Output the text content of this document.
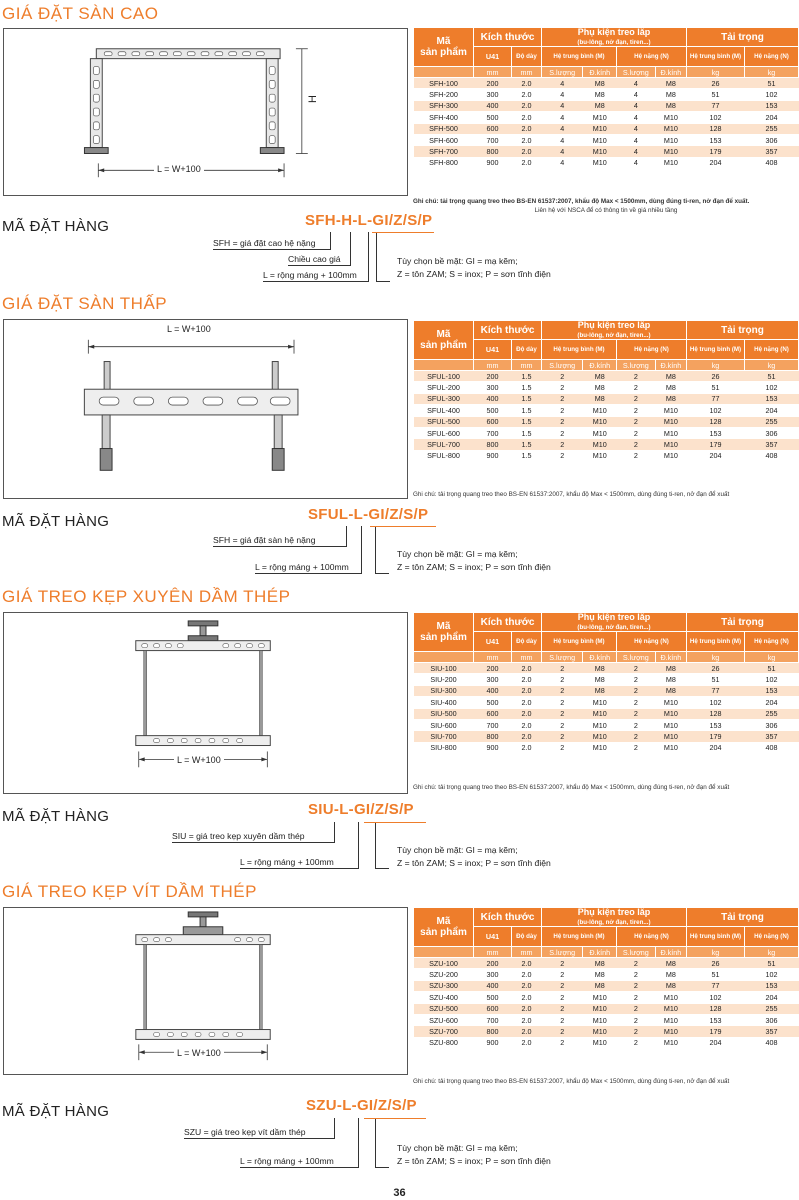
GIÁ ĐẶT SÀN CAO
H
L = W+100
Mã
sản phẩm	Kích thước		Phụ kiện treo lắp
(bu-lông, nở đạn, tiren...)				Tải trọng	
	U41	Độ dày	Hệ trung bình (M)		Hệ nặng (N)		Hệ trung bình (M)	Hệ nặng (N)
	mm	mm	S.lượng	Đ.kính	S.lượng	Đ.kính	kg	kg
SFH-100	200	2.0	4	M8	4	M8	26	51
SFH-200	300	2.0	4	M8	4	M8	51	102
SFH-300	400	2.0	4	M8	4	M8	77	153
SFH-400	500	2.0	4	M10	4	M10	102	204
SFH-500	600	2.0	4	M10	4	M10	128	255
SFH-600	700	2.0	4	M10	4	M10	153	306
SFH-700	800	2.0	4	M10	4	M10	179	357
SFH-800	900	2.0	4	M10	4	M10	204	408
Ghi chú: tải trọng quang treo theo BS-EN 61537:2007, khẩu độ Max < 1500mm, dùng đúng ti-ren, nở đạn để xuất.
Liên hệ với NSCA để có thông tin về giá nhiều tầng
MÃ ĐẶT HÀNG	SFH-H-L-GI/Z/S/P
SFH = giá đặt cao hệ nặng
Chiều cao giá
L = rộng máng + 100mm
Tùy chọn bề mặt: GI = mạ kẽm;
Z = tôn ZAM; S = inox; P = sơn tĩnh điện
GIÁ ĐẶT SÀN THẤP
L = W+100	Mã
sản phẩm	Kích thước		Phụ kiện treo lắp
(bu-lông, nở đạn, tiren...)				Tải trọng	
	U41	Độ dày	Hệ trung bình (M)		Hệ nặng (N)		Hệ trung bình (M)	Hệ nặng (N)
	mm	mm	S.lượng	Đ.kính	S.lượng	Đ.kính	kg	kg
SFUL-100	200	1.5	2	M8	2	M8	26	51
SFUL-200	300	1.5	2	M8	2	M8	51	102
SFUL-300	400	1.5	2	M8	2	M8	77	153
SFUL-400	500	1.5	2	M10	2	M10	102	204
SFUL-500	600	1.5	2	M10	2	M10	128	255
SFUL-600	700	1.5	2	M10	2	M10	153	306
SFUL-700	800	1.5	2	M10	2	M10	179	357
SFUL-800	900	1.5	2	M10	2	M10	204	408
Ghi chú: tải trọng quang treo theo BS-EN 61537:2007, khẩu độ Max < 1500mm, dùng đúng ti-ren, nở đạn để xuất
MÃ ĐẶT HÀNG	SFUL-L-GI/Z/S/P
SFH = giá đặt sàn hệ nặng
L = rộng máng + 100mm
Tùy chọn bề mặt: GI = mạ kẽm;
Z = tôn ZAM; S = inox; P = sơn tĩnh điện
GIÁ TREO KẸP XUYÊN DẦM THÉP
L = W+100
Mã
sản phẩm	Kích thước		Phụ kiện treo lắp
(bu-lông, nở đạn, tiren...)				Tải trọng	
	U41	Độ dày	Hệ trung bình (M)		Hệ nặng (N)		Hệ trung bình (M)	Hệ nặng (N)
	mm	mm	S.lượng	Đ.kính	S.lượng	Đ.kính	kg	kg
SIU-100	200	2.0	2	M8	2	M8	26	51
SIU-200	300	2.0	2	M8	2	M8	51	102
SIU-300	400	2.0	2	M8	2	M8	77	153
SIU-400	500	2.0	2	M10	2	M10	102	204
SIU-500	600	2.0	2	M10	2	M10	128	255
SIU-600	700	2.0	2	M10	2	M10	153	306
SIU-700	800	2.0	2	M10	2	M10	179	357
SIU-800	900	2.0	2	M10	2	M10	204	408
Ghi chú: tải trọng quang treo theo BS-EN 61537:2007, khẩu độ Max < 1500mm, dùng đúng ti-ren, nở đạn để xuất
MÃ ĐẶT HÀNG	SIU-L-GI/Z/S/P
SIU = giá treo kẹp xuyên dầm thép
L = rộng máng + 100mm
Tùy chọn bề mặt: GI = mạ kẽm;
Z = tôn ZAM; S = inox; P = sơn tĩnh điện
GIÁ TREO KẸP VÍT DẦM THÉP
L = W+100
Mã
sản phẩm	Kích thước		Phụ kiện treo lắp
(bu-lông, nở đạn, tiren...)				Tải trọng	
	U41	Độ dày	Hệ trung bình (M)		Hệ nặng (N)		Hệ trung bình (M)	Hệ nặng (N)
	mm	mm	S.lượng	Đ.kính	S.lượng	Đ.kính	kg	kg
SZU-100	200	2.0	2	M8	2	M8	26	51
SZU-200	300	2.0	2	M8	2	M8	51	102
SZU-300	400	2.0	2	M8	2	M8	77	153
SZU-400	500	2.0	2	M10	2	M10	102	204
SZU-500	600	2.0	2	M10	2	M10	128	255
SZU-600	700	2.0	2	M10	2	M10	153	306
SZU-700	800	2.0	2	M10	2	M10	179	357
SZU-800	900	2.0	2	M10	2	M10	204	408
Ghi chú: tải trọng quang treo theo BS-EN 61537:2007, khẩu độ Max < 1500mm, dùng đúng ti-ren, nở đạn để xuất
MÃ ĐẶT HÀNG	SZU-L-GI/Z/S/P
SZU = giá treo kẹp vít dầm thép
L = rộng máng + 100mm
Tùy chọn bề mặt: GI = mạ kẽm;
Z = tôn ZAM; S = inox; P = sơn tĩnh điện
36
